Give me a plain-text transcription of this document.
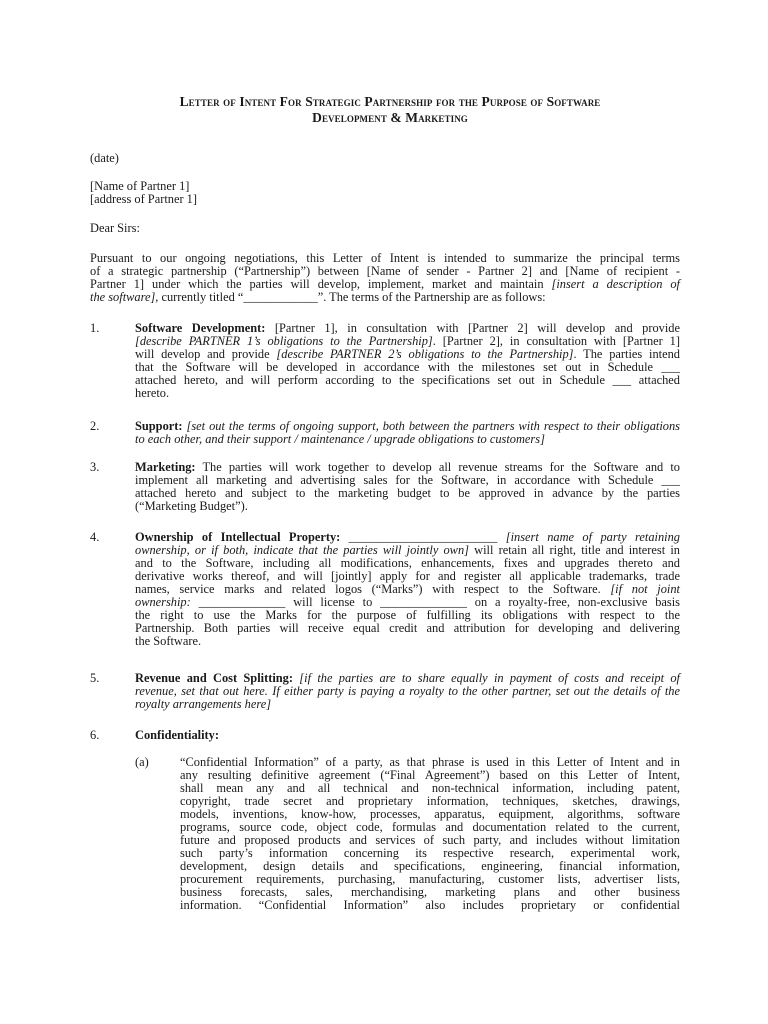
Letter of Intent For Strategic Partnership for the Purpose of Software
Development & Marketing
(date)
[Name of Partner 1]
[address of Partner 1]
Dear Sirs:
Pursuant to our ongoing negotiations, this Letter of Intent is intended to summarize the principal terms
of a strategic partnership (“Partnership”) between [Name of sender - Partner 2] and [Name of recipient -
Partner 1] under which the parties will develop, implement, market and maintain [insert a description of
the software], currently titled “____________”. The terms of the Partnership are as follows:
1.	Software Development: [Partner 1], in consultation with [Partner 2] will develop and provide
[describe PARTNER 1’s obligations to the Partnership]. [Partner 2], in consultation with [Partner 1]
will develop and provide [describe PARTNER 2’s obligations to the Partnership]. The parties intend
that the Software will be developed in accordance with the milestones set out in Schedule ___
attached hereto, and will perform according to the specifications set out in Schedule ___ attached
hereto.
2.	Support: [set out the terms of ongoing support, both between the partners with respect to their obligations
to each other, and their support / maintenance / upgrade obligations to customers]
3.	Marketing: The parties will work together to develop all revenue streams for the Software and to
implement all marketing and advertising sales for the Software, in accordance with Schedule ___
attached hereto and subject to the marketing budget to be approved in advance by the parties
(“Marketing Budget”).
4.	Ownership of Intellectual Property: ________________________ [insert name of party retaining
ownership, or if both, indicate that the parties will jointly own] will retain all right, title and interest in
and to the Software, including all modifications, enhancements, fixes and upgrades thereto and
derivative works thereof, and will [jointly] apply for and register all applicable trademarks, trade
names, service marks and related logos (“Marks”) with respect to the Software. [if not joint
ownership: ______________ will license to ______________ on a royalty-free, non-exclusive basis
the right to use the Marks for the purpose of fulfilling its obligations with respect to the
Partnership. Both parties will receive equal credit and attribution for developing and delivering
the Software.
5.	Revenue and Cost Splitting: [if the parties are to share equally in payment of costs and receipt of
revenue, set that out here. If either party is paying a royalty to the other partner, set out the details of the
royalty arrangements here]
6.	Confidentiality:
(a)	“Confidential Information” of a party, as that phrase is used in this Letter of Intent and in
any resulting definitive agreement (“Final Agreement”) based on this Letter of Intent,
shall mean any and all technical and non-technical information, including patent,
copyright, trade secret and proprietary information, techniques, sketches, drawings,
models, inventions, know-how, processes, apparatus, equipment, algorithms, software
programs, source code, object code, formulas and documentation related to the current,
future and proposed products and services of such party, and includes without limitation
such party’s information concerning its respective research, experimental work,
development, design details and specifications, engineering, financial information,
procurement requirements, purchasing, manufacturing, customer lists, advertiser lists,
business forecasts, sales, merchandising, marketing plans and other business
information. “Confidential Information” also includes proprietary or confidential
